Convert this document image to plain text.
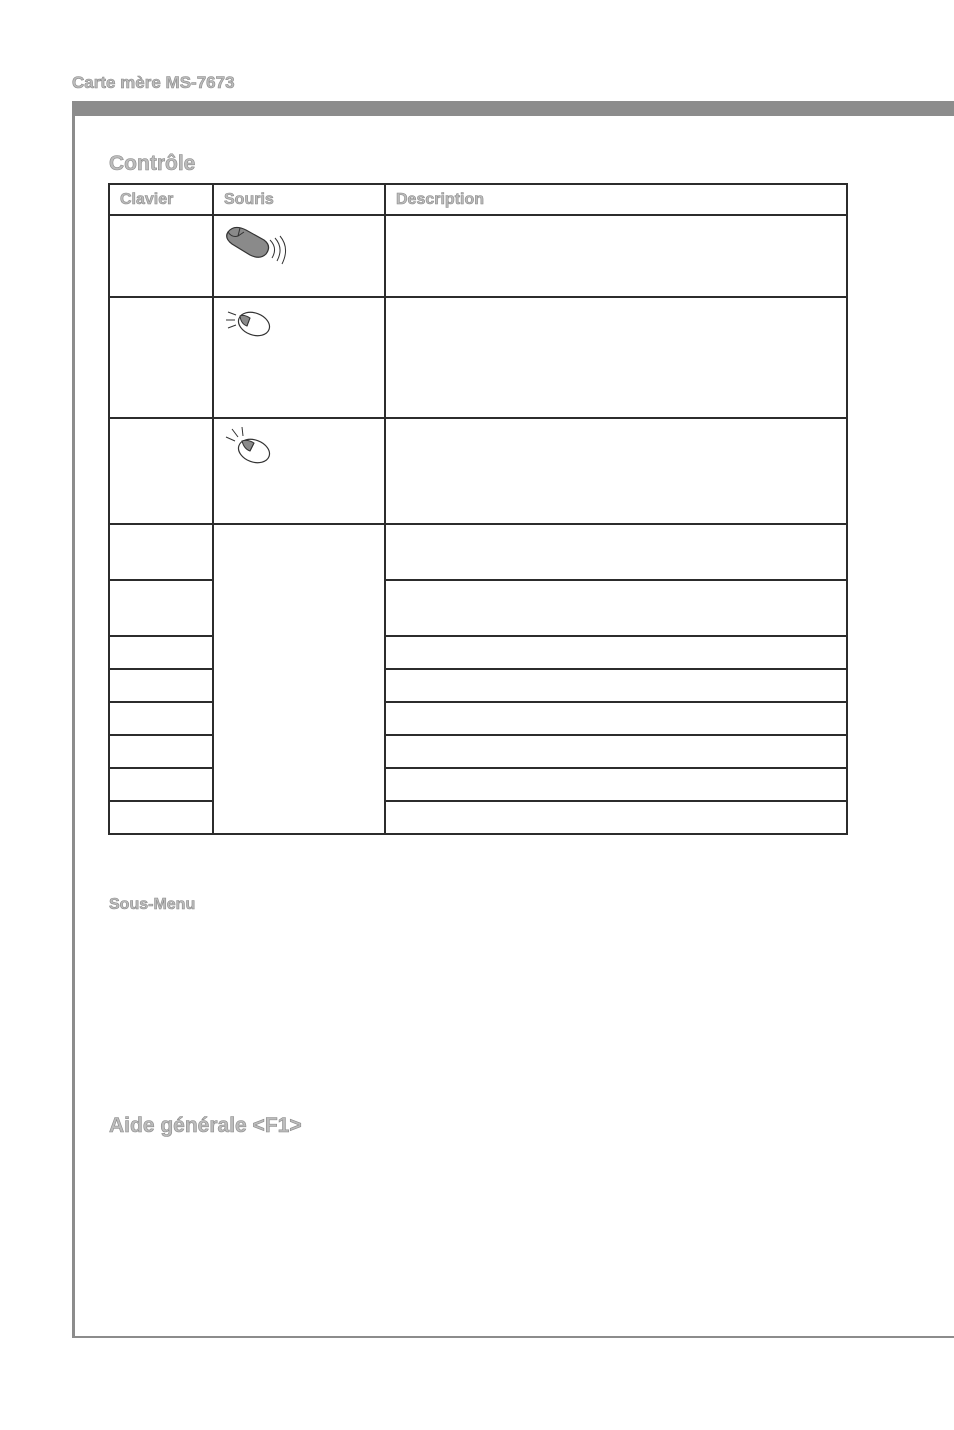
Carte mère MS-7673
Contrôle
Clavier	Souris	Description

Sous-Menu
Aide générale <F1>
